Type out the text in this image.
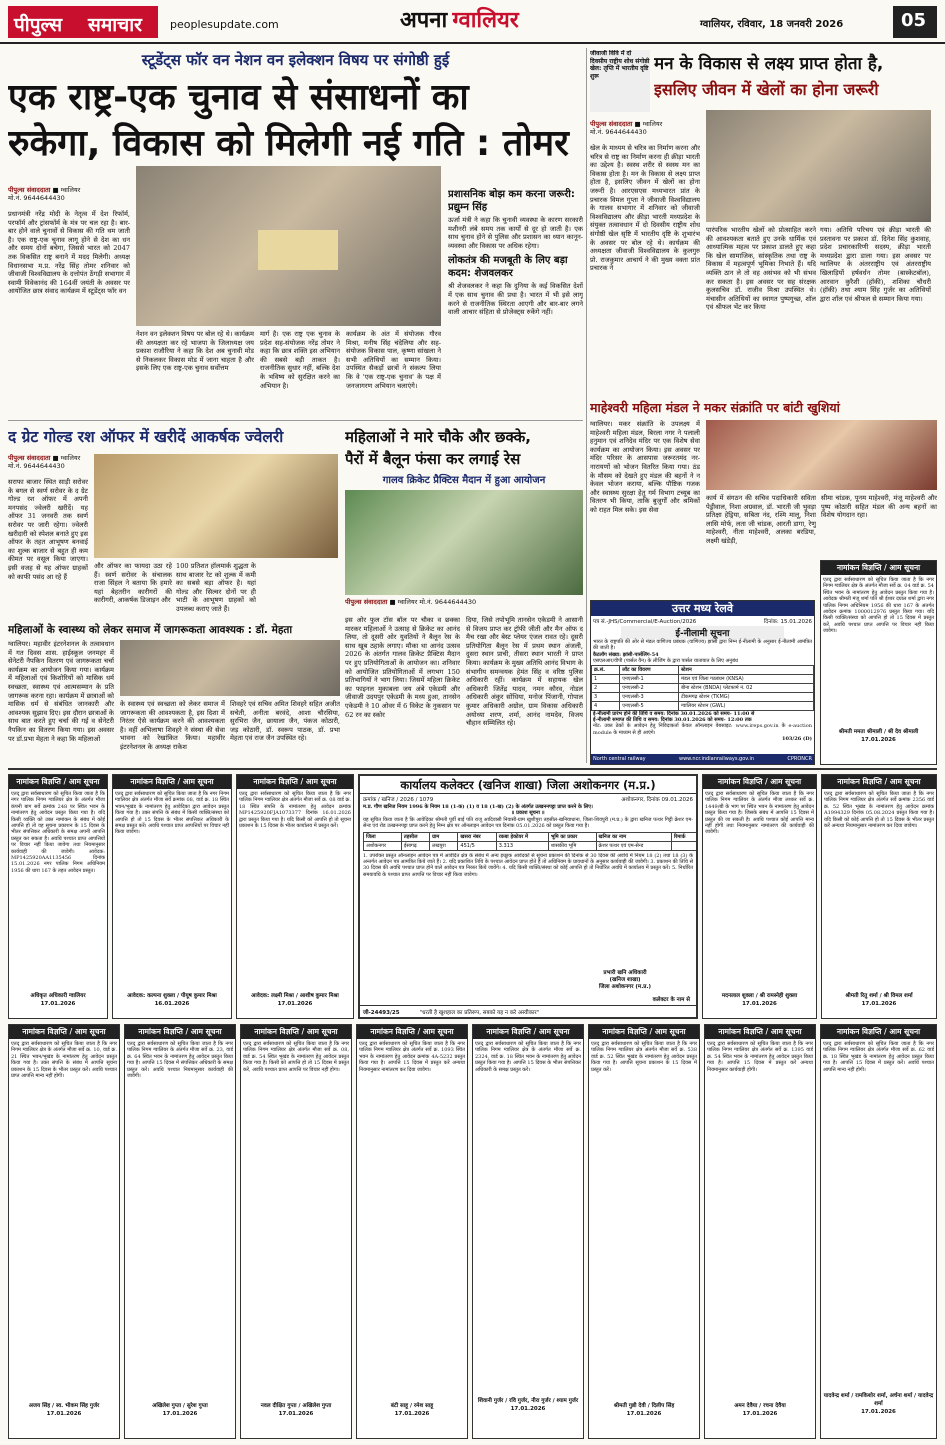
पीपुल्स समाचार	peoplesupdate.com	अपना ग्वालियर	ग्वालियर, रविवार, 18 जनवरी 2026	05
स्टूडेंट्स फॉर वन नेशन वन इलेक्शन विषय पर संगोष्ठी हुई
एक राष्ट्र-एक चुनाव से संसाधनों का
रुकेगा, विकास को मिलेगी नई गति : तोमर
पीपुल्स संवाददाता ■ ग्वालियर
मो.नं. 9644644430
प्रधानमंत्री नरेंद्र मोदी के नेतृत्व में देश रिफॉर्म, परफॉर्म और ट्रांसफॉर्म के मंत्र पर चल रहा है। बार-बार होने वाले चुनावों से विकास की गति थम जाती है। एक राष्ट्र-एक चुनाव लागू होने से देश का धन और समय दोनों बचेगा, जिससे भारत को 2047 तक विकसित राष्ट्र बनाने में मदद मिलेगी। अध्यक्ष विधानसभा म.प्र. नरेंद्र सिंह तोमर शनिवार को जीवाजी विश्वविद्यालय के दत्तोपंत ठेंगड़ी सभागार में स्वामी विवेकानंद की 164वीं जयंती के अवसर पर आयोजित छात्र संवाद कार्यक्रम में स्टूडेंट्स फॉर वन
नेशन वन इलेक्शन विषय पर बोल रहे थे। कार्यक्रम की अध्यक्षता कर रहे भाजपा के जिलाध्यक्ष जय प्रकाश राजौरिया ने कहा कि देश अब चुनावी मोड से निकलकर विकास मोड में जाना चाहता है और इसके लिए एक राष्ट्र-एक चुनाव सर्वोत्तम
मार्ग है। एक राष्ट्र एक चुनाव के प्रदेश सह-संयोजक नरेंद्र तोमर ने कहा कि छात्र शक्ति इस अभियान की सबसे बड़ी ताकत है। राजनीतिक सुधार नहीं, बल्कि देश के भविष्य को सुरक्षित करने का अभियान है।
कार्यक्रम के अंत में संयोजक गौरव मिश्रा, मनीष सिंह चंदेलिया और सह-संयोजक विकास पाल, कृष्णा सांखला ने सभी अतिथियों का सम्मान किया। उपस्थित सैकड़ों छात्रों ने संकल्प लिया कि वे 'एक राष्ट्र-एक चुनाव' के पक्ष में जनजागरण अभियान चलाएंगे।
प्रशासनिक बोझ कम करना जरूरी: प्रद्युम्न सिंह
ऊर्जा मंत्री ने कहा कि चुनावी व्यवस्था के कारण सरकारी मशीनरी लंबे समय तक कार्यों से दूर हो जाती है। एक साथ चुनाव होने से पुलिस और प्रशासन का ध्यान कानून-व्यवस्था और विकास पर अधिक रहेगा।
लोकतंत्र की मजबूती के लिए बड़ा कदम: शेजवलकर
श्री शेजवलकर ने कहा कि दुनिया के कई विकसित देशों में एक साथ चुनाव की प्रथा है। भारत में भी इसे लागू करने से राजनीतिक स्थिरता आएगी और बार-बार लगने वाली आचार संहिता से प्रोजेक्ट्स रुकेंगे नहीं।
जीवाजी विवि में दो दिवसीय राष्ट्रीय शोध संगोष्ठी खेल: तृप्ति में भारतीय दृष्टि शुरू
मन के विकास से लक्ष्य प्राप्त होता है,
इसलिए जीवन में खेलों का होना जरूरी
पीपुल्स संवाददाता ■ ग्वालियर
मो.नं. 9644644430
खेल के माध्यम से चरित्र का निर्माण करना और चरित्र से राष्ट्र का निर्माण करना ही क्रीड़ा भारती का उद्देश्य है। स्वस्थ शरीर से स्वस्थ मन का विकास होता है। मन के विकास से लक्ष्य प्राप्त होता है, इसलिए जीवन में खेलों का होना जरूरी है। आरएसएस मध्यभारत प्रांत के प्रचारक विमल गुप्ता ने जीवाजी विश्वविद्यालय के गालव सभागार में शनिवार को जीवाजी विश्वविद्यालय और क्रीड़ा भारती मध्यप्रदेश के संयुक्त तत्वावधान में दो दिवसीय राष्ट्रीय शोध संगोष्ठी खेल सृष्टि में भारतीय दृष्टि के शुभारंभ के अवसर पर बोल रहे थे। कार्यक्रम की अध्यक्षता जीवाजी विश्वविद्यालय के कुलगुरु प्रो. राजकुमार आचार्य ने की मुख्य वक्ता प्रांत प्रचारक ने
पारंपरिक भारतीय खेलों को प्रोत्साहित करने की आवश्यकता बताते हुए उनके धार्मिक एवं आध्यात्मिक महत्व पर प्रकाश डालते हुए कहा कि खेल सामाजिक, सांस्कृतिक तथा राष्ट्र के विकास में महत्वपूर्ण भूमिका निभाते हैं। यदि व्यक्ति ठान ले तो वह असंभव को भी संभव कर सकता है। इस अवसर पर सह संरक्षक कुलसचिव डॉ. राजीव मिश्रा उपस्थित थे। मंचासीन अतिथियों का स्वागत पुष्पगुच्छ, शॉल एवं श्रीफल भेंट कर किया
गया। अतिथि परिचय एवं क्रीड़ा भारती की प्रस्तावना पर प्रकाश डॉ. दिनेश सिंह कुशवाह, प्रदेश प्रचारकारिणी सदस्य, क्रीड़ा भारती मध्यप्रदेश द्वारा डाला गया। इस अवसर पर ग्वालियर के अंतरराष्ट्रीय एवं अंतरराष्ट्रीय खिलाड़ियों हर्षवर्धन तोमर (बास्केटबॉल), आरवान कुरैशी (हॉकी), शशिका चौधरी (हॉकी) तथा श्याम सिंह गुर्जर का अतिथियों द्वारा शॉल एवं श्रीफल से सम्मान किया गया।
द ग्रेट गोल्ड रश ऑफर में खरीदें आकर्षक ज्वेलरी
पीपुल्स संवाददाता ■ ग्वालियर
मो.नं. 9644644430
सराफा बाजार स्थित साड़ी सरोवर के बगल से स्वर्ण सरोवर के द ग्रेट गोल्ड रश ऑफर में अपनी मनपसंद ज्वेलरी खरीदें। यह ऑफर 31 जनवरी तक स्वर्ण सरोवर पर जारी रहेगा। ज्वेलरी खरीदारी को स्पेशल बनाते हुए इस ऑफर के तहत आभूषण बनवाई का शुल्क बाजार से बहुत ही कम कीमत पर वसूल किया जाएगा। इसी वजह से यह ऑफर ग्राहकों को काफी पसंद आ रहे हैं
और ऑफर का फायदा उठा रहे हैं। स्वर्ण सरोवर के संचालक राजा सिंहल ने बताया कि हमारे यहां बेहतरीन कारीगरों की कारीगरी, आकर्षक डिजाइन और
100 प्रतिशत हॉलमार्क शुद्धता के साथ बाजार रेट को शुल्क में कमी का सबसे बड़ा ऑफर है। यहां गोल्ड और सिल्वर दोनों पर ही भाटी के आभूषण ग्राहकों को उपलब्ध कराए जाते हैं।
महिलाओं ने मारे चौके और छक्के,
पैरों में बैलून फंसा कर लगाई रेस
गालव क्रिकेट प्रैक्टिस मैदान में हुआ आयोजन
पीपुल्स संवाददाता ■ ग्वालियर मो.नं. 9644644430
इस ओर फुल टॉस बॉल पर चौका व छक्का मारकर महिलाओं ने उत्साह से क्रिकेट का आनंद लिया, तो दूसरी ओर युवतियों ने बैलून रेस के साथ खूब ठहाके लगाए। मौका था आनंद उत्सव 2026 के अंतर्गत गालव क्रिकेट प्रैक्टिस मैदान पर हुए प्रतियोगिताओं के आयोजन का। शनिवार को आयोजित प्रतियोगिताओं में लगभग 150 प्रतिभागियों ने भाग लिया। जिसमें महिला क्रिकेट का फाइनल मुकाबला जय अंबे एकेडमी और जीवाजी उदयपुर एकेडमी के मध्य हुआ, तानसेन एकेडमी ने 10 ओवर में 6 विकेट के नुकसान पर 62 रन का स्कोर
दिया, जिसे तपोभूमि तानसेन एकेडमी ने आसानी से विजय प्राप्त कर ट्रॉफी जीती और मैन ऑफ द मैच रखा और बेस्ट प्लेयर एंजल रावत रहे। दूसरी प्रतियोगिता बैलून रेस में प्रथम स्थान अंजली, दुसरा स्थान प्राची, तीसरा स्थान भारती ने प्राप्त किया। कार्यक्रम के मुख्य अतिथि आनंद विभाग के संभागीय समन्वयक हेमंत सिंह व वरिष्ठ पुलिस अधिकारी रहीं। कार्यक्रम में सहायक खेल अधिकारी जितेंद्र यादव, नमन कौरव, नोडल अधिकारी अंकुर सोंधिया, मनोज पिंजानी, गोपाल कुमार अधिकारी अग्रोल, ग्राम विकास अधिकारी अयोध्या शरण, शर्मा, आनंद नामदेव, विजय चौहान सम्मिलित रहे।
महिलाओं के स्वास्थ्य को लेकर समाज में जागरूकता आवश्यक : डॉ. मेहता
ग्वालियर। महावीर इंटरनेशनल के तत्वावधान में गत दिवस शास. हाईस्कूल जनमहर में सेनेटरी नैपकिन वितरण एवं जागरूकता चर्चा कार्यक्रम का आयोजन किया गया। कार्यक्रम में महिलाओं एवं किशोरियों को मासिक धर्म स्वच्छता, स्वास्थ्य एवं आत्मसम्मान के प्रति जागरूक करना रहा। कार्यक्रम में छात्राओं को मासिक धर्म से संबंधित जानकारी और आवश्यक सुझाव दिए। इस दौरान छात्राओं के साथ बात करते हुए चर्चा की गई व सेनेटरी नैपकिन का वितरण किया गया। इस अवसर पर डॉ.प्रभा मेहता ने कहा कि महिलाओं
के स्वास्थ्य एवं स्वच्छता को लेकर समाज में जागरूकता की आवश्यकता है, इस दिशा में निरंतर ऐसे कार्यक्रम करने की आवश्यकता है। वहीं अभिलाषा शिवहरे ने संस्था की सेवा भावना को रेखांकित किया। महावीर इंटरनेशनल के अध्यक्ष राकेश
शिवहरे एवं सचिव अमित शिवहरे सहित अजीत सचेती, अनीता बरवंदे, आशा चौरसिया, सुरभिरा जैन, छायाला जैन, पंकज कोठारी, जड़ कोठारी, डॉ. स्वरूप पाठक, डॉ. प्रभा मेहता एवं राज जैन उपस्थित रहे।
माहेश्वरी महिला मंडल ने मकर संक्रांति पर बांटी खुशियां
ग्वालियर। मकर संक्रांति के उपलक्ष्य में माहेश्वरी महिला मंडल, बिरला नगर ने पलाली हनुमान एवं शनिदेव मंदिर पर एक विशेष सेवा कार्यक्रम का आयोजन किया। इस अवसर पर मंदिर परिसर के आसपास जरूरतमंद नर-नारायणों को भोजन वितरित किया गया। ठंड के मौसम को देखते हुए मंडल की बहनों ने न केवल भोजन कराया, बल्कि पौष्टिक गजक और स्वास्थ्य सुरक्षा हेतु गर्म विभाग टच्यूब का वितरण भी किया, ताकि बुजुर्गों और श्रमिकों को राहत मिल सके। इस सेवा
कार्य में संगठन की सचिव पदाधिकारी सविता पेड्रीवाल, निशा अग्रवाल, डॉ. भारती जी भुवड़ा प्रतिक्षा हेड्रिया, सबिता नंद, रश्मि मालू, निशा लासि मोर्फ, लता जी चांडक, आरती डागा, रेणु माहेश्वरी, नीता माहेश्वरी, अलका बरडिया, लक्ष्मी खंडेड़ी,
सीमा चांडक, पूनम माहेश्वरी, मंजू माहेश्वरी और पुष्प कोठारी सहित मंडल की अन्य बहनों का विशेष योगदान रहा।
उत्तर मध्य रेलवे
पत्र सं.-JHS/Commercial/E-Auction/2026	दिनांक: 15.01.2026
ई-नीलामी सूचना
भारत के राष्ट्रपति की ओर से मंडल वाणिज्य प्रबंधक (वाणिज्य) झांसी द्वारा निम्न ई-नीलामी के अनुसार ई-नीलामी आमंत्रित की जाती है।
कैटलॉग संख्या: झांसी-पार्सलिंग-54
एसएलआर/वीपी (पार्सल वैन) के लीजिंग के द्वारा पार्सल यातायात के लिए अनुबंध
क्र.सं.	लॉट का विवरण	स्टेशन
1	एनएलसी-1	मंडल एवं जिला गठबंधन (KNSA)
2	एनएलसी-2	बीना स्टेशन (BNDA) प्लेटफार्म नं. 02
3	एनएलसी-3	टीकमगढ़ स्टेशन (TKMG)
4	एनएलसी-5	ग्वालियर स्टेशन (GWL)
ई-नीलामी प्रारंभ होने की तिथि व समय: दिनांक 30.01.2026 को समय- 11:00 से
ई-नीलामी समाप्त की तिथि व समय: दिनांक 30.01.2026 को समय- 12:00 तक
नोट: उक्त ठेकों के आवेदन हेतु निविदाकर्ता केवल ऑनलाइन वेबसाइट: www.ireps.gov.in के e-auction module के माध्यम से ही आएंगे।
103/26 (D)
North central railway	www.ncr.indianrailways.gov.in	CPRONCR
नामांकन विज्ञप्ति / आम सूचना
एतद् द्वारा सर्वसाधारण को सूचित किया जाता है कि नगर निगम ग्वालियर क्षेत्र के अंतर्गत मौजा सर्वे क्र. 04 वार्ड क्र. 54 स्थित भवन के नामांतरण हेतु आवेदन प्रस्तुत किया गया है। आवेदक श्रीमती मंजू शर्मा पति श्री ईश्वर दयाल शर्मा द्वारा नगर पालिक निगम अधिनियम 1956 की धारा 167 के अंतर्गत आवेदन क्रमांक 1000012976 प्रस्तुत किया गया। यदि किसी व्यक्ति/संस्था को आपत्ति हो तो 15 दिवस में प्रस्तुत करें, अवधि पश्चात प्राप्त आपत्ति पर विचार नहीं किया जावेगा।
श्रीमती ममता श्रीमाली / श्री देव श्रीमाली
17.01.2026
नामांकन विज्ञप्ति / आम सूचना
एतद् द्वारा सर्वसाधारण को सूचित किया जाता है कि नगर पालिक निगम ग्वालियर क्षेत्र के अंतर्गत मौजा कंपनी बाग सर्वे क्रमांक 248 पर स्थित भवन के नामांतरण हेतु आवेदन प्रस्तुत किया गया है। यदि किसी व्यक्ति को उक्त नामांकन के संबंध में कोई आपत्ति हो तो वह सूचना प्रकाशन के 15 दिवस के भीतर संपत्तिकर अधिकारी के समक्ष अपनी आपत्ति प्रस्तुत कर सकता है। अवधि पश्चात प्राप्त आपत्तियों पर विचार नहीं किया जावेगा तथा नियमानुसार कार्यवाही की जावेगी। आवेदक: MP1425920AA1135456 दिनांक 15.01.2026 नगर पालिक निगम अधिनियम 1956 की धारा 167 के तहत आवेदन प्रस्तुत।
अधिकृत अधिकारी ग्वालियर
17.01.2026
नामांकन विज्ञप्ति / आम सूचना
एतद् द्वारा सर्वसाधारण को सूचित किया जाता है कि नगर निगम ग्वालियर क्षेत्र अंतर्गत मौजा सर्वे क्रमांक 08, वार्ड क्र. 18 स्थित भवन/भूखंड के नामांतरण हेतु आवेदिका द्वारा आवेदन प्रस्तुत किया गया है। उक्त संपत्ति के संबंध में किसी व्यक्ति/संस्था को आपत्ति हो तो 15 दिवस के भीतर संपत्तिकर अधिकारी के समक्ष प्रस्तुत करें। अवधि पश्चात प्राप्त आपत्तियों पर विचार नहीं किया जावेगा।
आवेदक: कल्पना शुक्ला / पीयूष कुमार मिश्रा
16.01.2026
नामांकन विज्ञप्ति / आम सूचना
एतद् द्वारा सर्वसाधारण को सूचित किया जाता है कि नगर पालिक निगम ग्वालियर क्षेत्र अंतर्गत मौजा सर्वे क्र. 08 वार्ड क्र. 18 स्थित संपत्ति के नामांतरण हेतु आवेदन क्रमांक MP1425920FJA1073377 दिनांक 16.01.2026 द्वारा प्रस्तुत किया गया है। यदि किसी को आपत्ति हो तो सूचना प्रकाशन के 15 दिवस के भीतर कार्यालय में प्रस्तुत करें।
आवेदक: लक्ष्मी मिश्रा / आशीष कुमार मिश्रा
17.01.2026
कार्यालय कलेक्टर (खनिज शाखा) जिला अशोकनगर (म.प्र.)
क्रमांक / खनिज / 2026 / 1079	अशोकनगर, दिनांक 09.01.2026
म.प्र. गौण खनिज नियम 1996 के नियम 18 (1-क) (1) व 18 (1-ख) (2) के अंतर्गत उत्खननपट्टा प्राप्त करने के लिए।
॥ प्रकाश सूचना ॥
यह सूचित किया जाता है कि आवेदिका श्रीमती पूर्वी बाई पति राजू आदिवासी निवासी-ग्राम खुशीपुरा तहसील-खनियाधाना, जिला-शिवपुरी (म.प्र.) के द्वारा खनिज पत्थर गिट्टी क्रेशर एम-सेन्ड एवं रोड उत्खननपट्टा प्राप्त करने हेतु निम्न क्षेत्र पर ऑनलाइन आवेदन पत्र दिनांक 05.01.2026 को प्रस्तुत किया गया है।
जिला	तहसील	ग्राम	खसरा नंबर	रकबा हेक्टेयर में	भूमि का प्रकार	खनिज का नाम	रिमार्क
अशोकनगर	ईसागढ़	लखपुरा	451/5	3.313	शासकीय भूमि	क्रेशर पत्थर एवं एम-सेन्ड	
1. उपरोक्त प्रस्तुत ऑनलाइन आवेदन पत्र में आवेदित क्षेत्र के संबंध में अन्य इच्छुक आवेदकों से सूचना प्रकाशन की दिनांक से 30 दिवस की अवधि में नियम 18 (2) तथा 18 (3) के अन्तर्गत आवेदन पत्र आमंत्रित किये जाते हैं। 2. यदि प्रकाशित तिथि के पश्चात आवेदन प्राप्त होते हैं तो अधिनियम के प्रावधानों के अनुसार कार्यवाही की जावेगी। 3. प्रकाशन की तिथि से 30 दिवस की अवधि पश्चात प्राप्त होने वाले आवेदन पत्र निरस्त किये जायेंगे। 4. यदि किसी व्यक्ति/संस्था को कोई आपत्ति हो तो निर्धारित अवधि में कार्यालय में प्रस्तुत करें। 5. निर्धारित समयावधि के पश्चात प्राप्त आपत्ति पर विचार नहीं किया जावेगा।
प्रभारी खनि अधिकारी
(खनिज शाखा)
जिला अशोकनगर (म.प्र.)
कलेक्टर के नाम से
जी-24493/25	"धरती है खुशहाल का प्रतिरूप, सबको यह न करे अस्वीकार"
नामांकन विज्ञप्ति / आम सूचना
एतद् द्वारा सर्वसाधारण को सूचित किया जाता है कि नगर पालिक निगम ग्वालियर के अंतर्गत मौजा लश्कर सर्वे क्र. 1449/बी के भाग पर स्थित भवन के नामांतरण हेतु आवेदन प्रस्तुत किया गया है। जिसके संबंध में आपत्ति 15 दिवस में प्रस्तुत की जा सकती है। अवधि पश्चात कोई आपत्ति मान्य नहीं होगी तथा नियमानुसार नामांतरण की कार्यवाही की जावेगी।
मदनलाल शुक्ला / श्री रामस्नेही शुक्ला
17.01.2026
नामांकन विज्ञप्ति / आम सूचना
एतद् द्वारा सर्वसाधारण को सूचित किया जाता है कि नगर पालिक निगम ग्वालियर क्षेत्र अंतर्गत सर्वे क्रमांक 2356 वार्ड क्र. 52 स्थित भूखंड के नामांतरण हेतु आवेदन क्रमांक A1994329 दिनांक 05.08.2024 प्रस्तुत किया गया है। यदि किसी को कोई आपत्ति हो तो 15 दिवस के भीतर प्रस्तुत करें अन्यथा नियमानुसार नामांतरण कर दिया जावेगा।
श्रीमती रितु शर्मा / श्री विमल शर्मा
17.01.2026
नामांकन विज्ञप्ति / आम सूचना
एतद् द्वारा सर्वसाधारण को सूचित किया जाता है कि नगर निगम ग्वालियर क्षेत्र के अंतर्गत मौजा सर्वे क्र. 10, वार्ड क्र. 21 स्थित भवन/भूखंड के नामांतरण हेतु आवेदन प्रस्तुत किया गया है। उक्त संपत्ति के संबंध में आपत्ति सूचना प्रकाशन के 15 दिवस के भीतर प्रस्तुत करें। अवधि पश्चात प्राप्त आपत्ति मान्य नहीं होगी।
अजय सिंह / स्व. भीकम सिंह गुर्जर
17.01.2026
नामांकन विज्ञप्ति / आम सूचना
एतद् द्वारा सर्वसाधारण को सूचित किया जाता है कि नगर पालिक निगम ग्वालियर के अंतर्गत मौजा सर्वे क्र. 23, वार्ड क्र. 64 स्थित भवन के नामांतरण हेतु आवेदन प्रस्तुत किया गया है। आपत्ति 15 दिवस में संपत्तिकर अधिकारी के समक्ष प्रस्तुत करें। अवधि पश्चात नियमानुसार कार्यवाही की जावेगी।
अखिलेश गुप्ता / सुरेश गुप्ता
17.01.2026
नामांकन विज्ञप्ति / आम सूचना
एतद् द्वारा सर्वसाधारण को सूचित किया जाता है कि नगर पालिक निगम ग्वालियर क्षेत्र अंतर्गत मौजा सर्वे क्र. 08, वार्ड क्र. 54 स्थित भूखंड के नामांतरण हेतु आवेदन प्रस्तुत किया गया है। किसी को आपत्ति हो तो 15 दिवस में प्रस्तुत करें, अवधि पश्चात प्राप्त आपत्ति पर विचार नहीं होगा।
नवल दीक्षित गुप्ता / अखिलेश गुप्ता
17.01.2026
नामांकन विज्ञप्ति / आम सूचना
एतद् द्वारा सर्वसाधारण को सूचित किया जाता है कि नगर पालिक निगम ग्वालियर क्षेत्र अंतर्गत सर्वे क्र. 1093 स्थित भवन के नामांतरण हेतु आवेदन क्रमांक 4A-5232 प्रस्तुत किया गया है। आपत्ति 15 दिवस में प्रस्तुत करें अन्यथा नियमानुसार नामांतरण कर दिया जावेगा।
बंटी साहू / रमेश साहू
17.01.2026
नामांकन विज्ञप्ति / आम सूचना
एतद् द्वारा सर्वसाधारण को सूचित किया जाता है कि नगर पालिक निगम ग्वालियर क्षेत्र के अंतर्गत मौजा सर्वे क्र. 2324, वार्ड क्र. 18 स्थित भवन के नामांतरण हेतु आवेदन प्रस्तुत किया गया है। आपत्ति 15 दिवस के भीतर संपत्तिकर अधिकारी के समक्ष प्रस्तुत करें।
शिवानी गुर्जर / रवि गुर्जर, नीरा गुर्जर / श्याम गुर्जर
17.01.2026
नामांकन विज्ञप्ति / आम सूचना
एतद् द्वारा सर्वसाधारण को सूचित किया जाता है कि नगर पालिक निगम ग्वालियर क्षेत्र अंतर्गत मौजा सर्वे क्र. 538 वार्ड क्र. 52 स्थित भूखंड के नामांतरण हेतु आवेदन प्रस्तुत किया गया है। आपत्ति सूचना प्रकाशन के 15 दिवस में प्रस्तुत करें।
श्रीमती गुन्नी देवी / दिलीप सिंह
17.01.2026
नामांकन विज्ञप्ति / आम सूचना
एतद् द्वारा सर्वसाधारण को सूचित किया जाता है कि नगर पालिक निगम ग्वालियर क्षेत्र अंतर्गत सर्वे क्र. 1395 वार्ड क्र. 54 स्थित भवन के नामांतरण हेतु आवेदन प्रस्तुत किया गया है। आपत्ति 15 दिवस में प्रस्तुत करें अन्यथा नियमानुसार कार्यवाही होगी।
अमन देवैया / रचना देवैया
17.01.2026
नामांकन विज्ञप्ति / आम सूचना
एतद् द्वारा सर्वसाधारण को सूचित किया जाता है कि नगर पालिक निगम ग्वालियर क्षेत्र अंतर्गत मौजा सर्वे क्र. 62 वार्ड क्र. 18 स्थित भूखंड के नामांतरण हेतु आवेदन प्रस्तुत किया गया है। आपत्ति 15 दिवस में प्रस्तुत करें। अवधि पश्चात आपत्ति मान्य नहीं होगी।
यादवेन्द्र शर्मा / रामकिशोर शर्मा, अर्चना शर्मा / यादवेन्द्र शर्मा
17.01.2026
